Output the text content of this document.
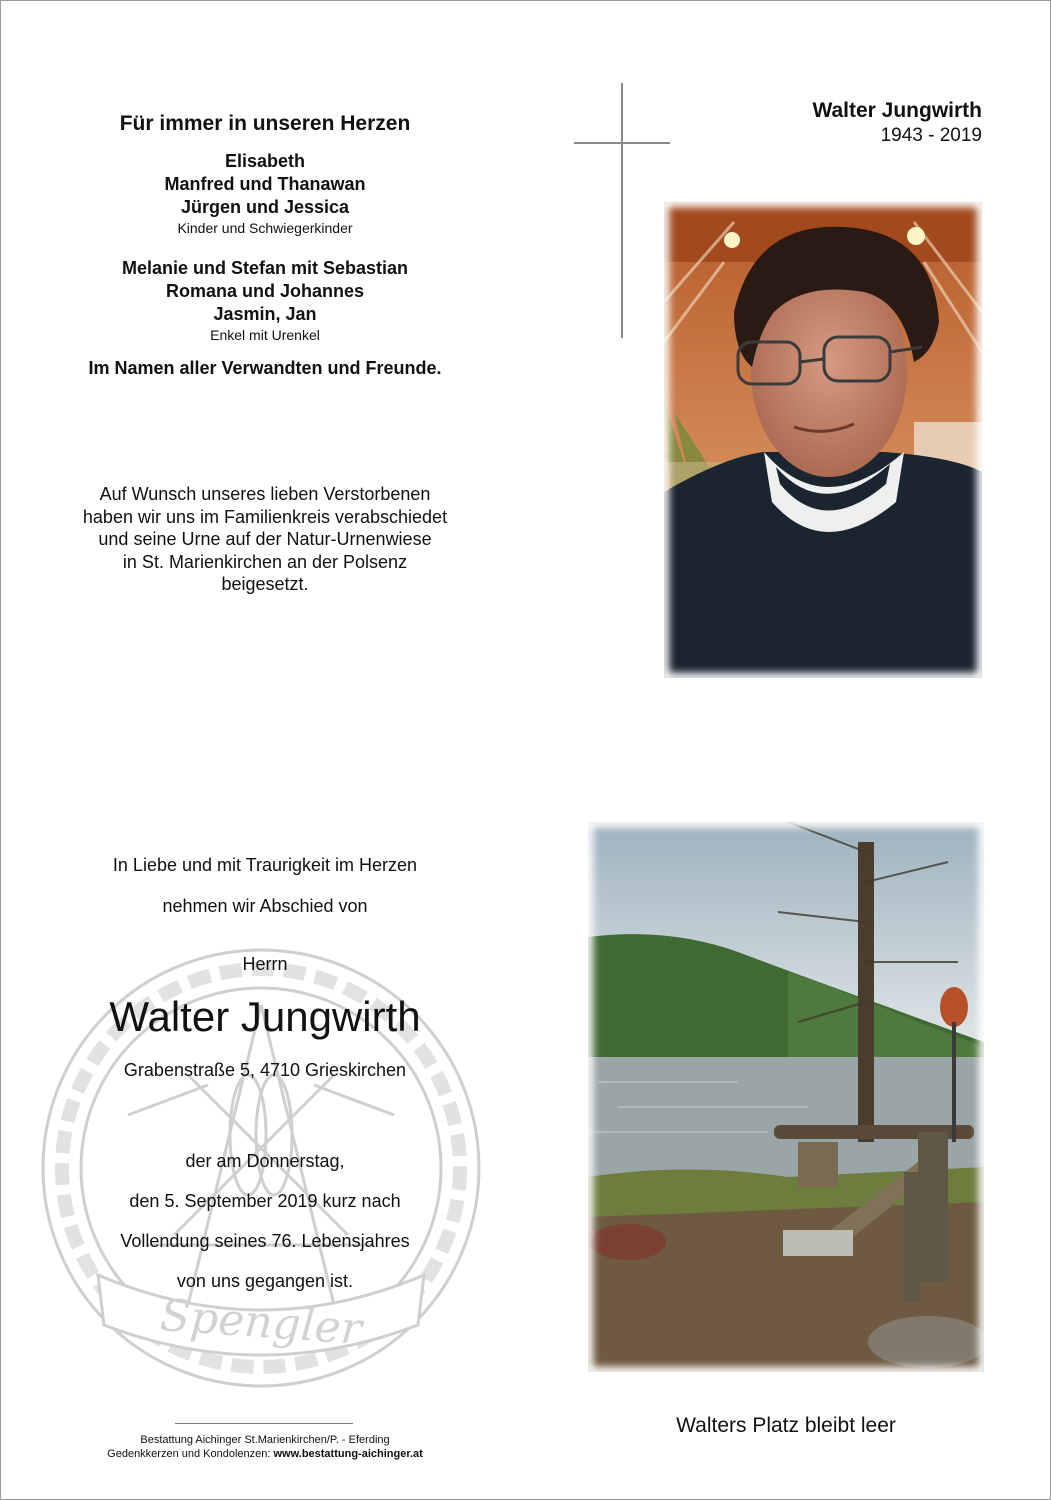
Für immer in unseren Herzen
Elisabeth
Manfred und Thanawan
Jürgen und Jessica
Kinder und Schwiegerkinder
Melanie und Stefan mit Sebastian
Romana und Johannes
Jasmin, Jan
Enkel mit Urenkel
Im Namen aller Verwandten und Freunde.
Auf Wunsch unseres lieben Verstorbenen
haben wir uns im Familienkreis verabschiedet
und seine Urne auf der Natur-Urnenwiese
in St. Marienkirchen an der Polsenz
beigesetzt.
Walter Jungwirth
1943 - 2019
Spengler
In Liebe und mit Traurigkeit im Herzen
nehmen wir Abschied von
Herrn
Walter Jungwirth
Grabenstraße 5, 4710 Grieskirchen
der am Donnerstag,
den 5. September 2019 kurz nach
Vollendung seines 76. Lebensjahres
von uns gegangen ist.
Bestattung Aichinger St.Marienkirchen/P. - Eferding
Gedenkkerzen und Kondolenzen: www.bestattung-aichinger.at
Walters Platz bleibt leer
